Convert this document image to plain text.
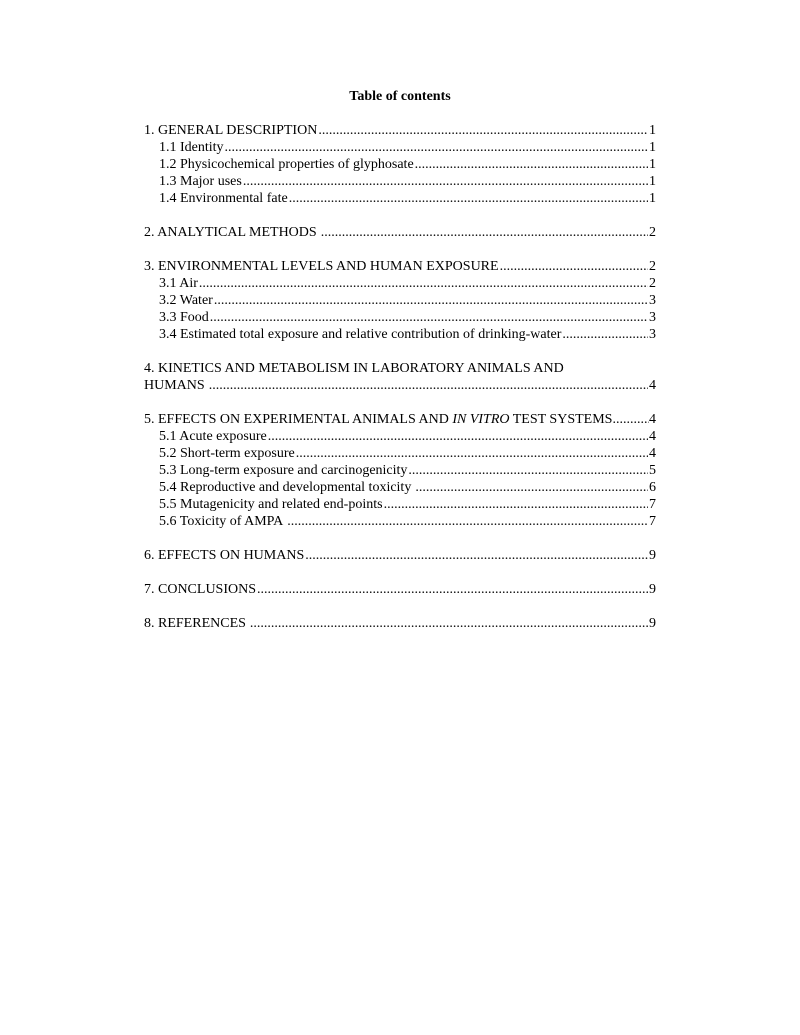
Table of contents
1. GENERAL DESCRIPTION .....	1
1.1 Identity .....	1
1.2 Physicochemical properties of glyphosate .....	1
1.3 Major uses .....	1
1.4 Environmental fate .....	1
2. ANALYTICAL METHODS .....	2
3. ENVIRONMENTAL LEVELS AND HUMAN EXPOSURE .....	2
3.1 Air .....	2
3.2 Water .....	3
3.3 Food .....	3
3.4 Estimated total exposure and relative contribution of drinking-water .....	3
4. KINETICS AND METABOLISM IN LABORATORY ANIMALS AND
HUMANS .....	4
5. EFFECTS ON EXPERIMENTAL ANIMALS AND IN VITRO TEST SYSTEMS .....	4
5.1 Acute exposure .....	4
5.2 Short-term exposure .....	4
5.3 Long-term exposure and carcinogenicity .....	5
5.4 Reproductive and developmental toxicity .....	6
5.5 Mutagenicity and related end-points .....	7
5.6 Toxicity of AMPA .....	7
6. EFFECTS ON HUMANS .....	9
7. CONCLUSIONS .....	9
8. REFERENCES .....	9
